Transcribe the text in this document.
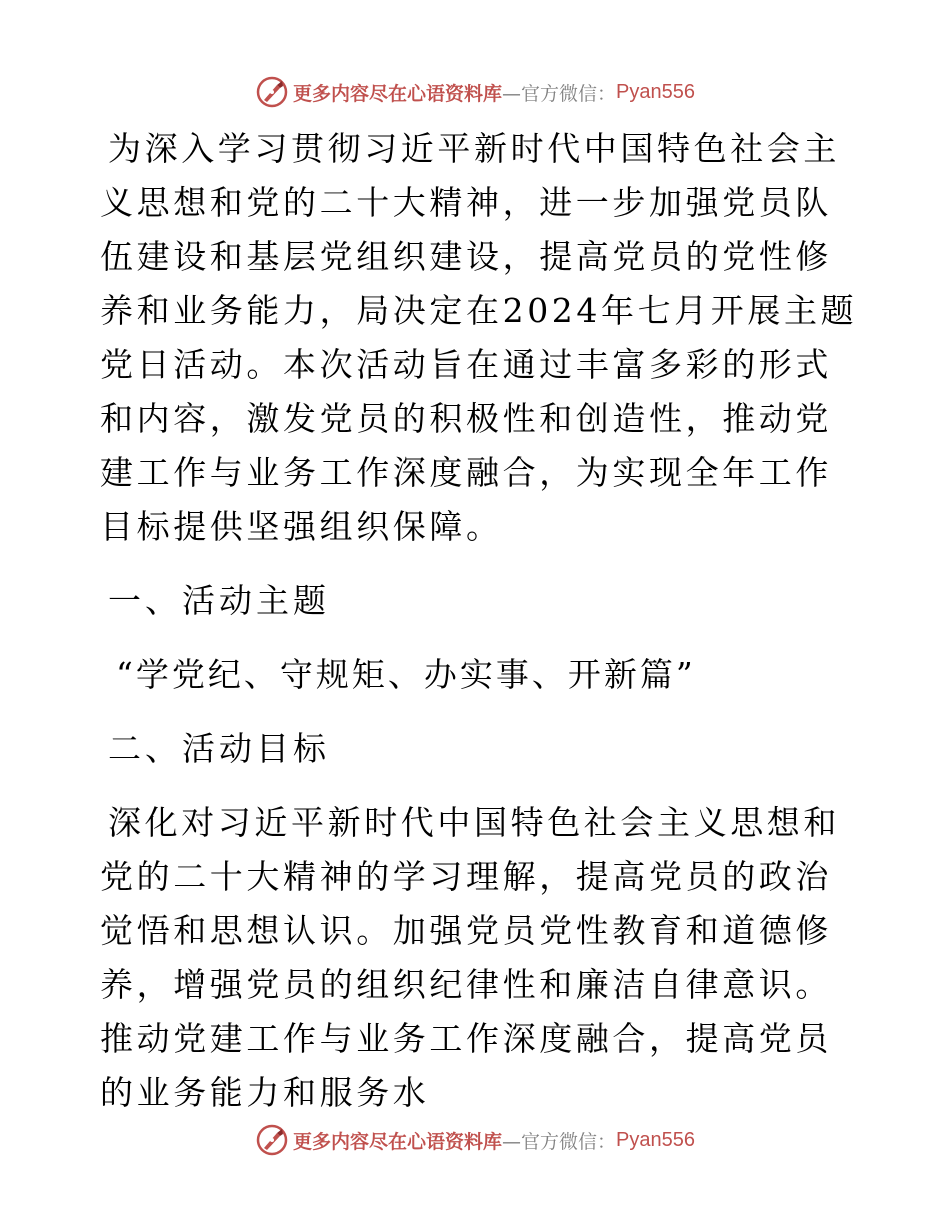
更多内容尽在心语资料库 —官方微信： Pyan556

为深入学习贯彻习近平新时代中国特色社会主义思想和党的二十大精神，进一步加强党员队伍建设和基层党组织建设，提高党员的党性修养和业务能力，局决定在2024年七月开展主题党日活动。本次活动旨在通过丰富多彩的形式和内容，激发党员的积极性和创造性，推动党建工作与业务工作深度融合，为实现全年工作目标提供坚强组织保障。

一、活动主题

“学党纪、守规矩、办实事、开新篇”

二、活动目标

深化对习近平新时代中国特色社会主义思想和党的二十大精神的学习理解，提高党员的政治觉悟和思想认识。加强党员党性教育和道德修养，增强党员的组织纪律性和廉洁自律意识。推动党建工作与业务工作深度融合，提高党员的业务能力和服务水

更多内容尽在心语资料库 —官方微信： Pyan556
